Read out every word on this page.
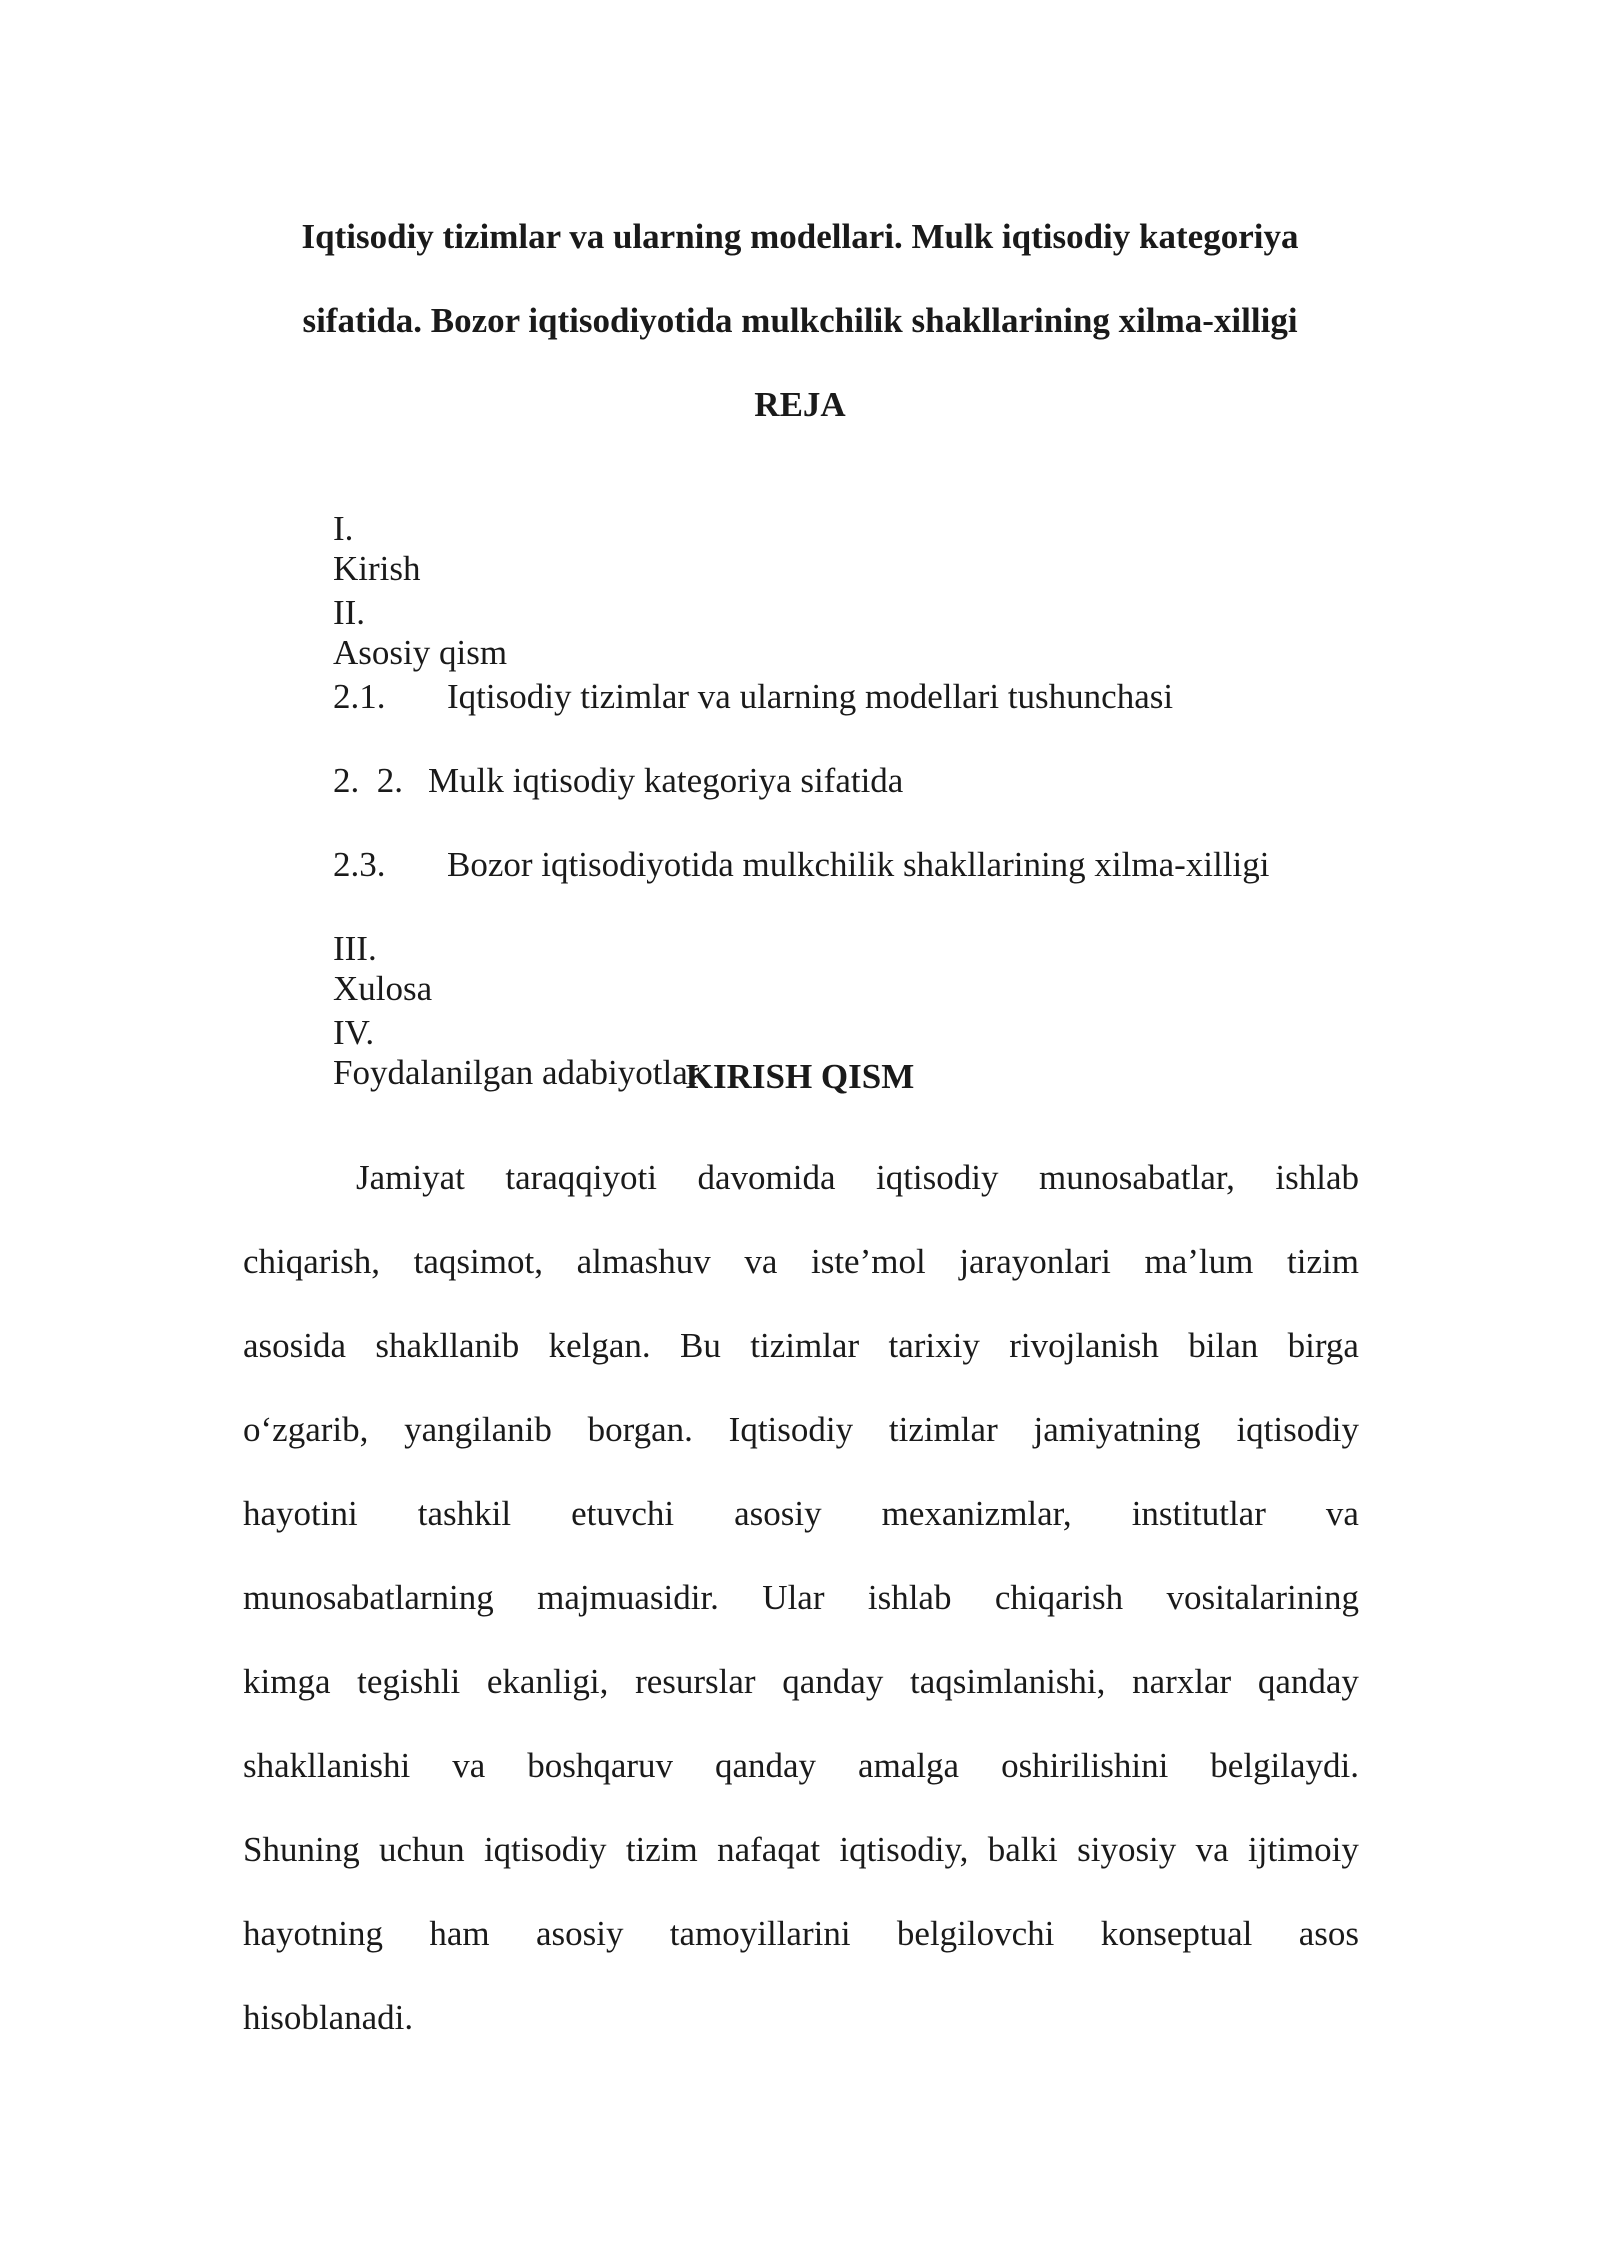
Iqtisodiy tizimlar va ularning modellari. Mulk iqtisodiy kategoriya
sifatida. Bozor iqtisodiyotida mulkchilik shakllarining xilma-xilligi
REJA

I.
Kirish

II.
Asosiy qism

2.1. Iqtisodiy tizimlar va ularning modellari tushunchasi

2.  2. Mulk iqtisodiy kategoriya sifatida

2.3. Bozor iqtisodiyotida mulkchilik shakllarining xilma-xilligi

III.
Xulosa

IV.
Foydalanilgan adabiyotlar

KIRISH QISM
Jamiyat taraqqiyoti davomida iqtisodiy munosabatlar, ishlab
chiqarish, taqsimot, almashuv va iste’mol jarayonlari ma’lum tizim
asosida shakllanib kelgan. Bu tizimlar tarixiy rivojlanish bilan birga
o‘zgarib, yangilanib borgan. Iqtisodiy tizimlar jamiyatning iqtisodiy
hayotini tashkil etuvchi asosiy mexanizmlar, institutlar va
munosabatlarning majmuasidir. Ular ishlab chiqarish vositalarining
kimga tegishli ekanligi, resurslar qanday taqsimlanishi, narxlar qanday
shakllanishi va boshqaruv qanday amalga oshirilishini belgilaydi.
Shuning uchun iqtisodiy tizim nafaqat iqtisodiy, balki siyosiy va ijtimoiy
hayotning ham asosiy tamoyillarini belgilovchi konseptual asos
hisoblanadi.
